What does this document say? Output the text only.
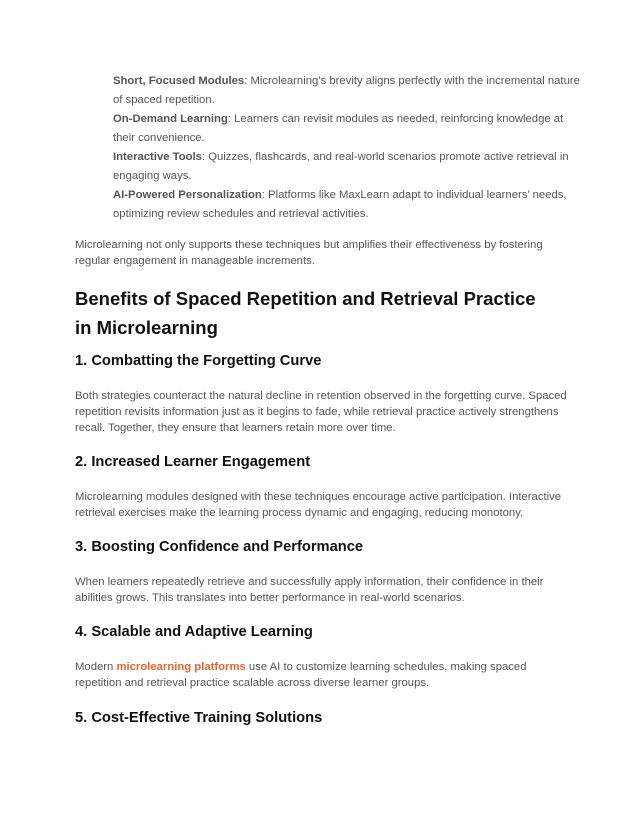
Short, Focused Modules: Microlearning’s brevity aligns perfectly with the incremental nature of spaced repetition.

On-Demand Learning: Learners can revisit modules as needed, reinforcing knowledge at their convenience.

Interactive Tools: Quizzes, flashcards, and real-world scenarios promote active retrieval in engaging ways.

AI-Powered Personalization: Platforms like MaxLearn adapt to individual learners’ needs, optimizing review schedules and retrieval activities.

Microlearning not only supports these techniques but amplifies their effectiveness by fostering regular engagement in manageable increments.

Benefits of Spaced Repetition and Retrieval Practice in Microlearning
1. Combatting the Forgetting Curve

Both strategies counteract the natural decline in retention observed in the forgetting curve. Spaced repetition revisits information just as it begins to fade, while retrieval practice actively strengthens recall. Together, they ensure that learners retain more over time.

2. Increased Learner Engagement

Microlearning modules designed with these techniques encourage active participation. Interactive retrieval exercises make the learning process dynamic and engaging, reducing monotony.

3. Boosting Confidence and Performance

When learners repeatedly retrieve and successfully apply information, their confidence in their abilities grows. This translates into better performance in real-world scenarios.

4. Scalable and Adaptive Learning

Modern microlearning platforms use AI to customize learning schedules, making spaced repetition and retrieval practice scalable across diverse learner groups.

5. Cost-Effective Training Solutions
